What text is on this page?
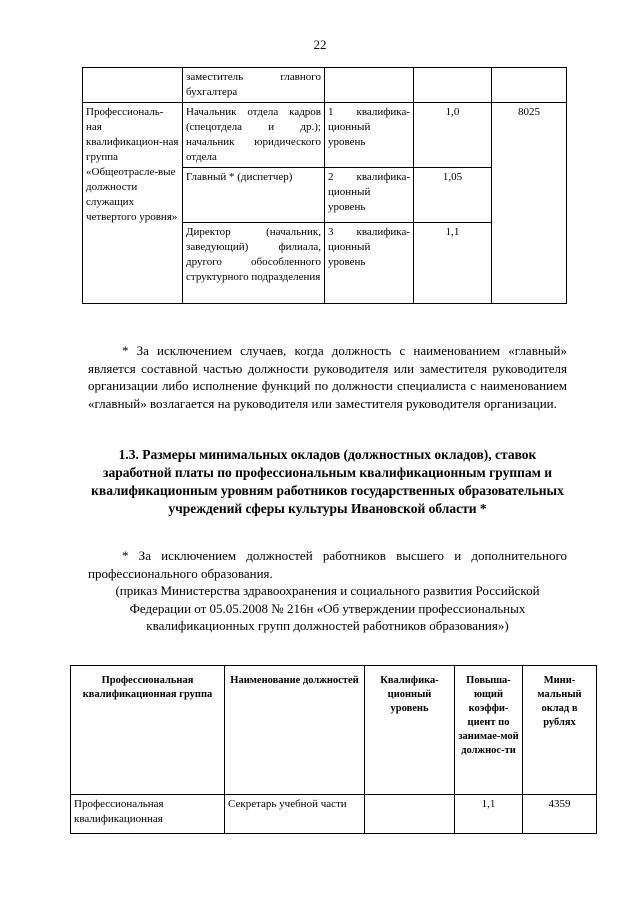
22
	заместитель главного бухгалтера			
Профессиональ-ная квалификацион-ная группа «Общеотрасле-вые должности служащих четвертого уровня»	Начальник отдела кадров (спецотдела и др.); начальник юридического отдела	1 квалифика-ционный уровень	1,0	8025
	Главный * (диспетчер)	2 квалифика-ционный уровень	1,05	
	Директор (начальник, заведующий) филиала, другого обособленного структурного подразделения	3 квалифика-ционный уровень	1,1	
* За исключением случаев, когда должность с наименованием «главный» является составной частью должности руководителя или заместителя руководителя организации либо исполнение функций по должности специалиста с наименованием «главный» возлагается на руководителя или заместителя руководителя организации.
1.3. Размеры минимальных окладов (должностных окладов), ставок заработной платы по профессиональным квалификационным группам и квалификационным уровням работников государственных образовательных учреждений сферы культуры Ивановской области *
* За исключением должностей работников высшего и дополнительного профессионального образования.
(приказ Министерства здравоохранения и социального развития Российской Федерации от 05.05.2008 № 216н «Об утверждении профессиональных квалификационных групп должностей работников образования»)
Профессиональная квалификационная группа	Наименование должностей	Квалифика-ционный уровень	Повыша-ющий коэффи-циент по занимае-мой должнос-ти	Мини-мальный оклад в рублях
Профессиональная квалификационная	Секретарь учебной части		1,1	4359
